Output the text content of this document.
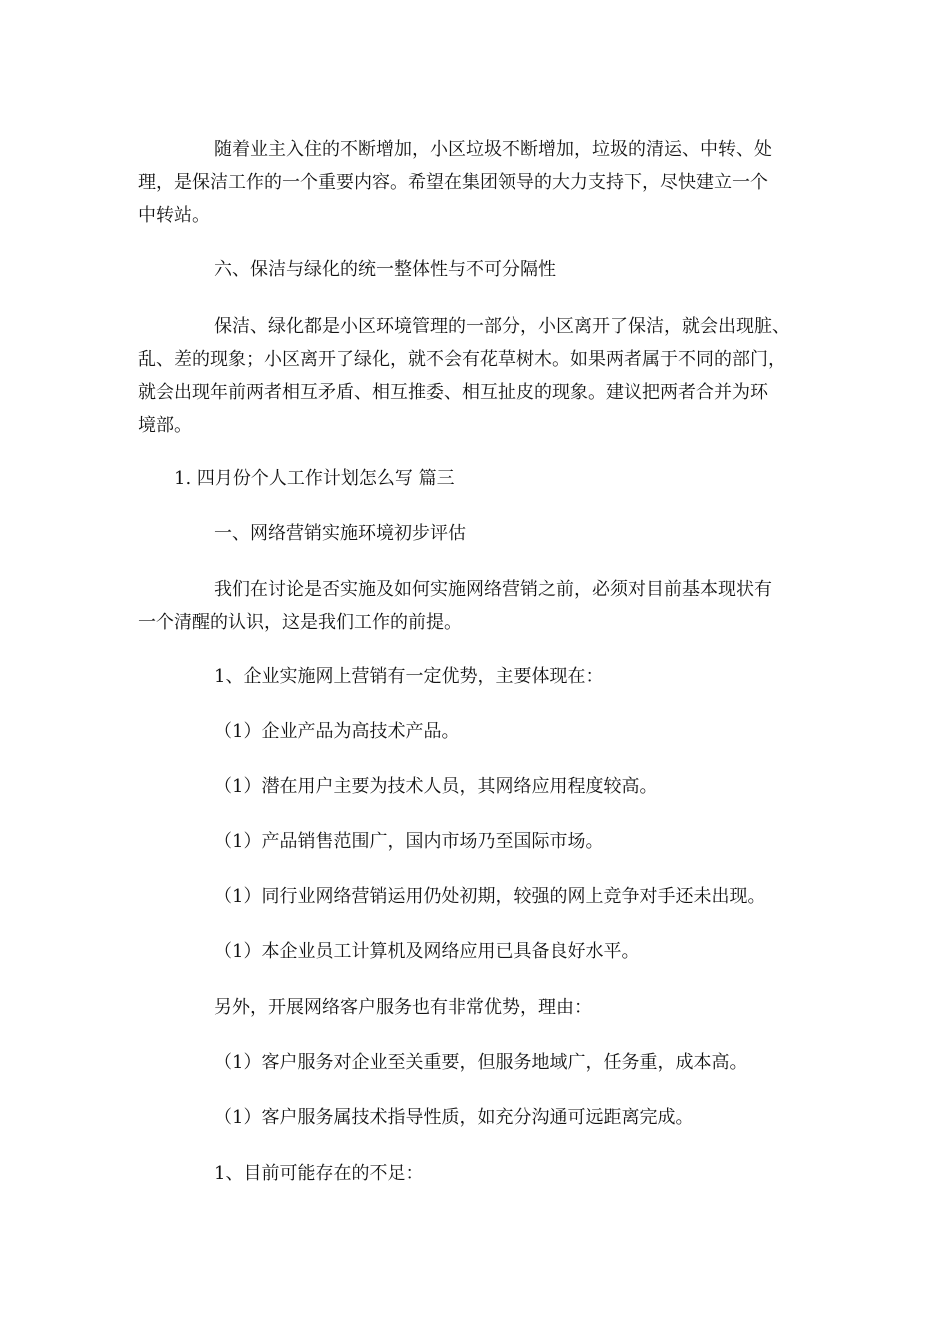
随着业主入住的不断增加，小区垃圾不断增加，垃圾的清运、中转、处
理，是保洁工作的一个重要内容。希望在集团领导的大力支持下，尽快建立一个
中转站。
六、保洁与绿化的统一整体性与不可分隔性
保洁、绿化都是小区环境管理的一部分，小区离开了保洁，就会出现脏、
乱、差的现象；小区离开了绿化，就不会有花草树木。如果两者属于不同的部门，
就会出现年前两者相互矛盾、相互推委、相互扯皮的现象。建议把两者合并为环
境部。
1. 四月份个人工作计划怎么写 篇三
一、网络营销实施环境初步评估
我们在讨论是否实施及如何实施网络营销之前，必须对目前基本现状有
一个清醒的认识，这是我们工作的前提。
1、企业实施网上营销有一定优势，主要体现在：
（1）企业产品为高技术产品。
（1）潜在用户主要为技术人员，其网络应用程度较高。
（1）产品销售范围广，国内市场乃至国际市场。
（1）同行业网络营销运用仍处初期，较强的网上竞争对手还未出现。
（1）本企业员工计算机及网络应用已具备良好水平。
另外，开展网络客户服务也有非常优势，理由：
（1）客户服务对企业至关重要，但服务地域广，任务重，成本高。
（1）客户服务属技术指导性质，如充分沟通可远距离完成。
1、目前可能存在的不足：
